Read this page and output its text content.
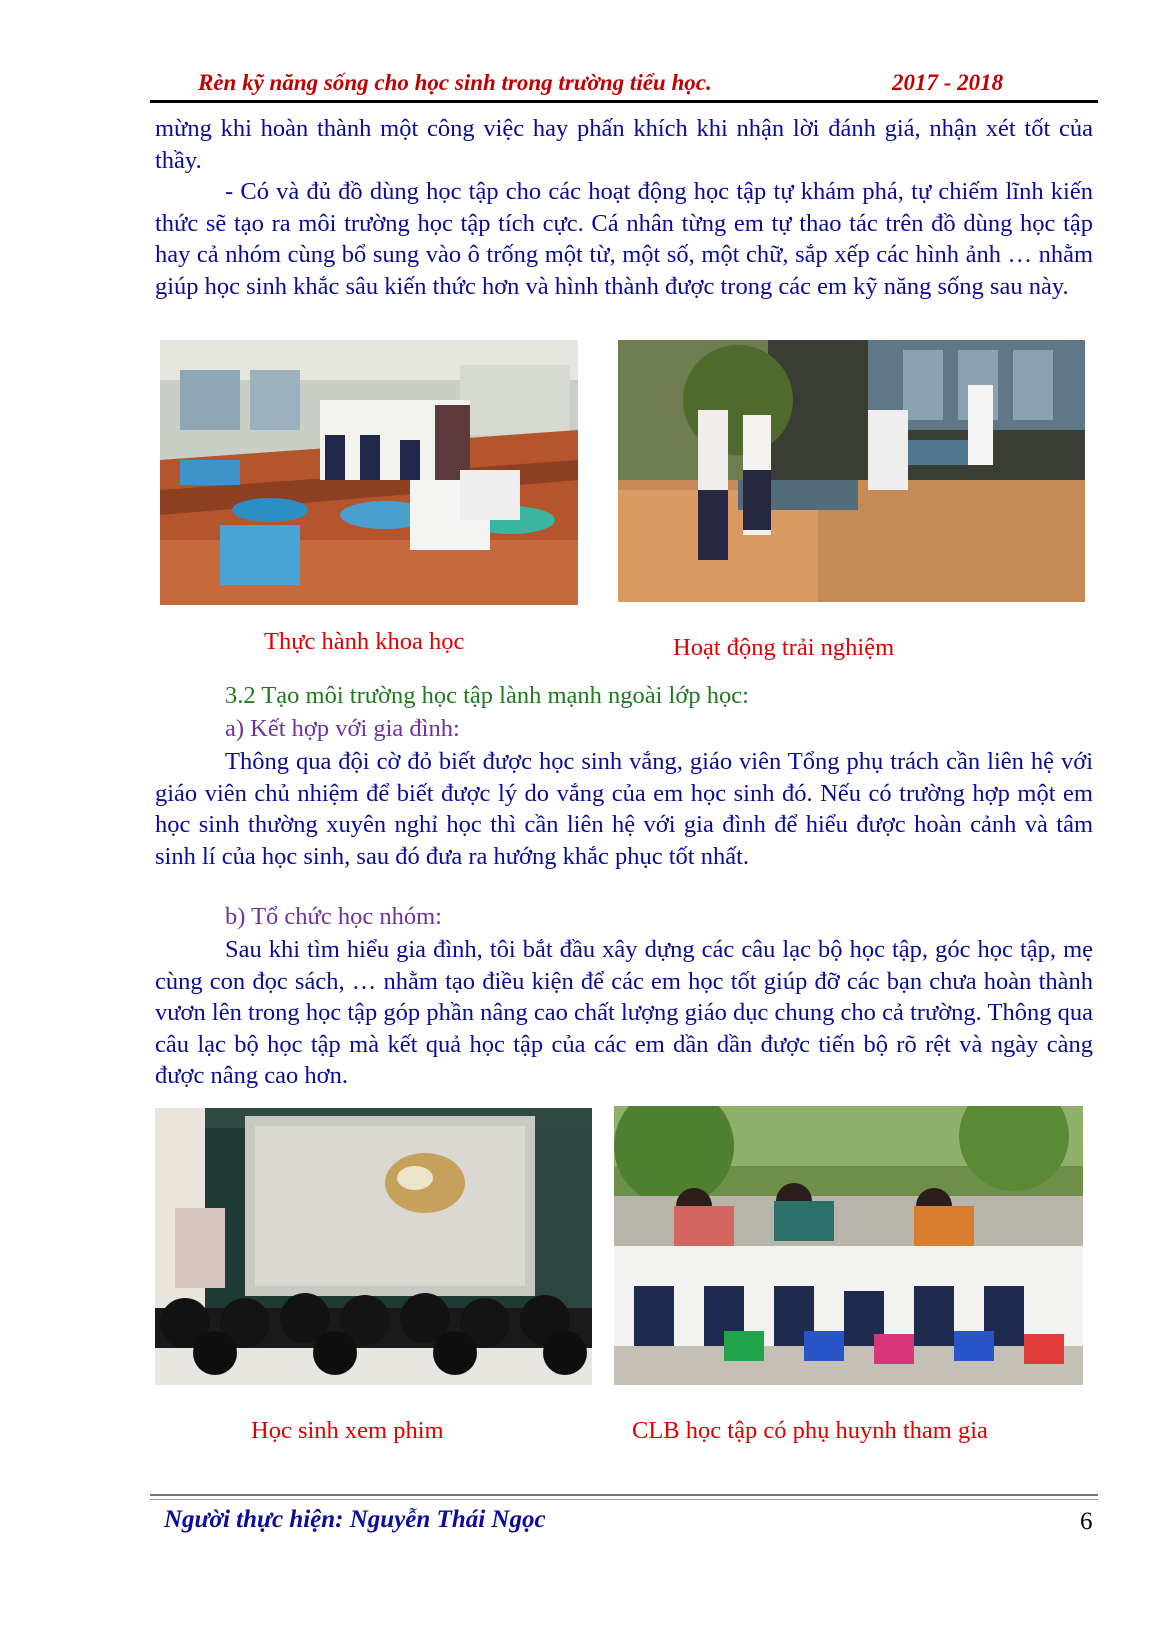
Rèn kỹ năng sống cho học sinh trong trường tiểu học.	2017 - 2018

mừng khi hoàn thành một công việc hay phấn khích khi nhận lời đánh giá, nhận xét tốt của thầy.

- Có và đủ đồ dùng học tập cho các hoạt động học tập tự khám phá, tự chiếm lĩnh kiến thức sẽ tạo ra môi trường học tập tích cực. Cá nhân từng em tự thao tác trên đồ dùng học tập hay cả nhóm cùng bổ sung vào ô trống một từ, một số, một chữ, sắp xếp các hình ảnh … nhằm giúp học sinh khắc sâu kiến thức hơn và hình thành được trong các em kỹ năng sống sau này.

Thực hành khoa học	Hoạt động trải nghiệm
3.2 Tạo môi trường học tập lành mạnh ngoài lớp học:
a) Kết hợp với gia đình:

Thông qua đội cờ đỏ biết được học sinh vắng, giáo viên Tổng phụ trách cần liên hệ với giáo viên chủ nhiệm để biết được lý do vắng của em học sinh đó. Nếu có trường hợp một em học sinh thường xuyên nghỉ học thì cần liên hệ với gia đình để hiểu được hoàn cảnh và tâm sinh lí của học sinh, sau đó đưa ra hướng khắc phục tốt nhất.

b) Tổ chức học nhóm:

Sau khi tìm hiểu gia đình, tôi bắt đầu xây dựng các câu lạc bộ học tập, góc học tập, mẹ cùng con đọc sách, … nhằm tạo điều kiện để các em học tốt giúp đỡ các bạn chưa hoàn thành vươn lên trong học tập góp phần nâng cao chất lượng giáo dục chung cho cả trường. Thông qua câu lạc bộ học tập mà kết quả học tập của các em dần dần được tiến bộ rõ rệt và ngày càng được nâng cao hơn.

Học sinh xem phim	CLB học tập có phụ huynh tham gia
Người thực hiện: Nguyễn Thái Ngọc	6
